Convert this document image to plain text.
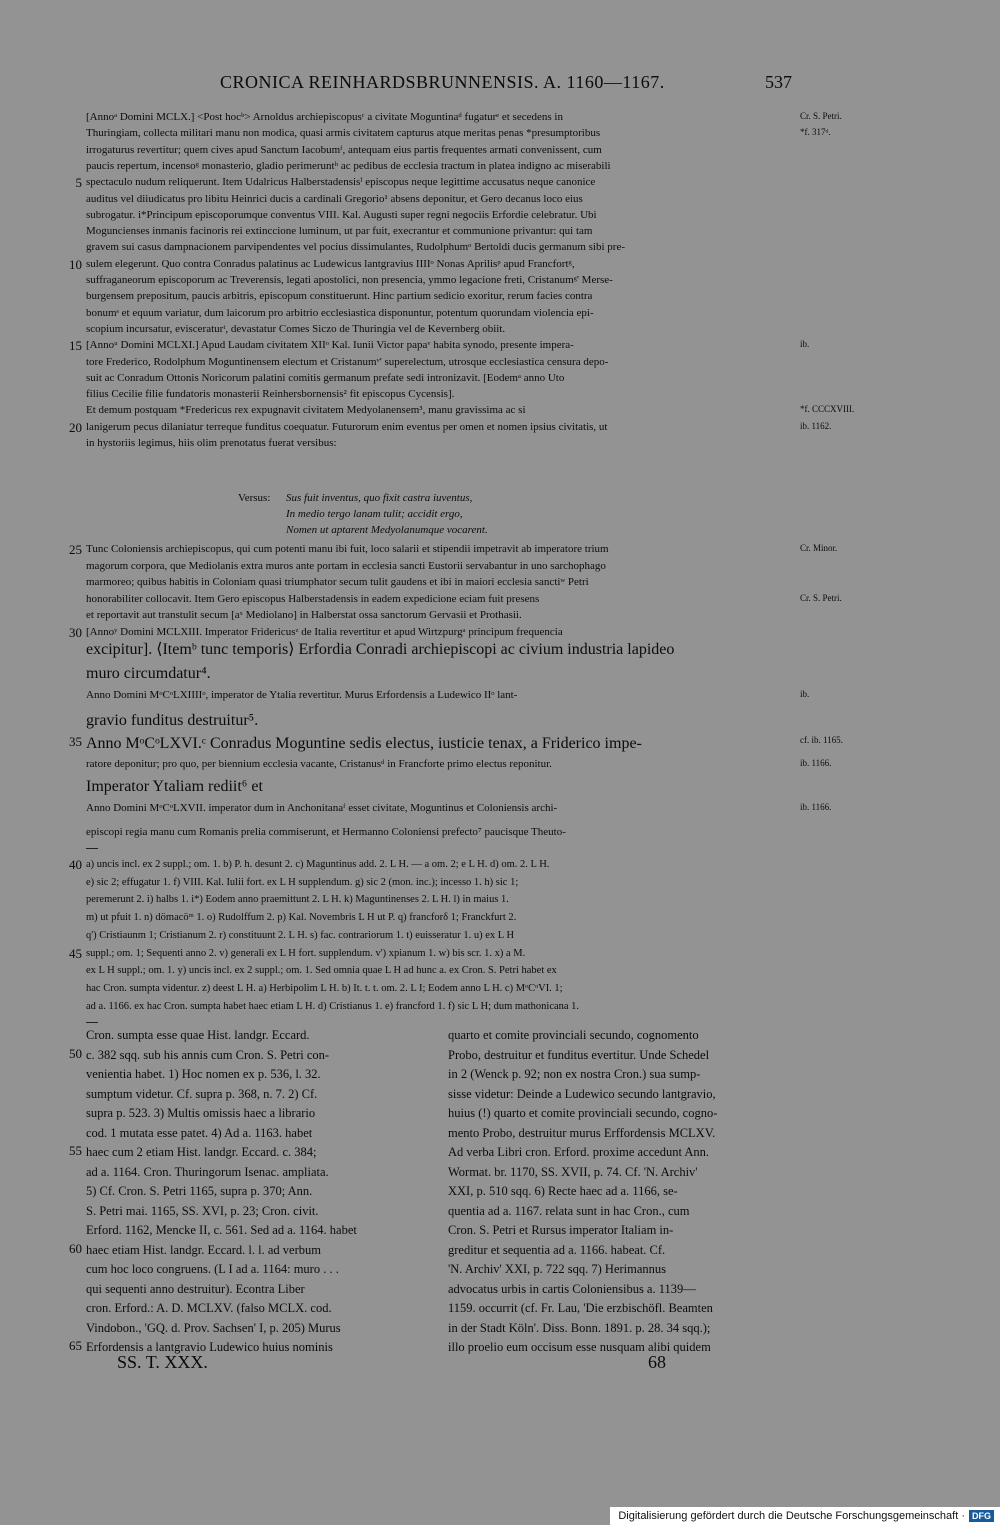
CRONICA REINHARDSBRUNNENSIS. A. 1160—1167.	537
[Annoᵃ Domini MCLX.] <Post hocᵇ> Arnoldus archiepiscopusᶜ a civitate Moguntinaᵈ fugaturᵉ et secedens in	Cr. S. Petri.
Thuringiam, collecta militari manu non modica, quasi armis civitatem capturus atque meritas penas *presumptoribus	*f. 317ᵈ.
irrogaturus revertitur; quem cives apud Sanctum Iacobumᶠ, antequam eius partis frequentes armati convenissent, cum
paucis repertum, incensoᵍ monasterio, gladio perimeruntʰ ac pedibus de ecclesia tractum in platea indigno ac miserabili
5 spectaculo nudum reliquerunt. Item Udalricus Halberstadensisⁱ episcopus neque legittime accusatus neque canonice
auditus vel diiudicatus pro libitu Heinrici ducis a cardinali Gregorio¹ absens deponitur, et Gero decanus loco eius
subrogatur. i*Principum episcoporumque conventus VIII. Kal. Augusti super regni negociis Erfordie celebratur. Ubi
Moguncienses inmanis facinoris rei extinccione luminum, ut par fuit, execrantur et communione privantur: qui tam
gravem sui casus dampnacionem parvipendentes vel pocius dissimulantes, Rudolphumᵒ Bertoldi ducis germanum sibi pre-
10 sulem elegerunt. Quo contra Conradus palatinus ac Ludewicus lantgravius IIIIᵒ Nonas Aprilisᵖ apud Francfortᵍ,
suffraganeorum episcoporum ac Treverensis, legati apostolici, non presencia, ymmo legacione freti, Cristanumᵍ' Merse-
burgensem prepositum, paucis arbitris, episcopum constituerunt. Hinc partium sedicio exoritur, rerum facies contra
bonumˢ et equum variatur, dum laicorum pro arbitrio ecclesiastica disponuntur, potentum quorundam violencia epi-
scopium incursatur, evisceraturᵗ, devastatur Comes Siczo de Thuringia vel de Kevernberg obiit.
15 [Annoᵘ Domini MCLXI.] Apud Laudam civitatem XIIᵒ Kal. Iunii Victor papaᵛ habita synodo, presente impera-	ib.
tore Frederico, Rodolphum Moguntinensem electum et Cristanumᵛ' superelectum, utrosque ecclesiastica censura depo-
suit ac Conradum Ottonis Noricorum palatini comitis germanum prefate sedi intronizavit. [Eodemᵃ anno Uto
filius Cecilie filie fundatoris monasterii Reinhersbornensis² fit episcopus Cycensis].
Et demum postquam *Fredericus rex expugnavit civitatem Medyolanensem³, manu gravissima ac si	*f. CCCXVIII.
20 lanigerum pecus dilaniatur terreque funditus coequatur. Futurorum enim eventus per omen et nomen ipsius civitatis, ut	ib. 1162.
in hystoriis legimus, hiis olim prenotatus fuerat versibus:
Versus: Sus fuit inventus, quo fixit castra iuventus,
In medio tergo lanam tulit; accidit ergo,
Nomen ut aptarent Medyolanumque vocarent.
25 Tunc Coloniensis archiepiscopus, qui cum potenti manu ibi fuit, loco salarii et stipendii impetravit ab imperatore trium	Cr. Minor.
magorum corpora, que Mediolanis extra muros ante portam in ecclesia sancti Eustorii servabantur in uno sarchophago
marmoreo; quibus habitis in Coloniam quasi triumphator secum tulit gaudens et ibi in maiori ecclesia sanctiʷ Petri
honorabiliter collocavit. Item Gero episcopus Halberstadensis in eadem expedicione eciam fuit presens	Cr. S. Petri.
et reportavit aut transtulit secum [aˣ Mediolano] in Halberstat ossa sanctorum Gervasii et Prothasii.
30 [Annoʸ Domini MCLXIII. Imperator Fridericusᶻ de Italia revertitur et apud Wirtzpurgᵃ principum frequencia
excipitur]. ⟨Itemᵇ tunc temporis⟩ Erfordia Conradi archiepiscopi ac civium industria lapideo
muro circumdatur⁴.
Anno Domini MᵒCᵒLXIIIIᵒ, imperator de Ytalia revertitur. Murus Erfordensis a Ludewico IIᵒ lant-	ib.
gravio funditus destruitur⁵.
35 Anno MᵒCᵒLXVI.ᶜ Conradus Moguntine sedis electus, iusticie tenax, a Friderico impe-	cf. ib. 1165.
ratore deponitur; pro quo, per biennium ecclesia vacante, Cristanusᵈ in Francforte primo electus reponitur.	ib. 1166.
Imperator Ytaliam rediit⁶ et
Anno Domini MᵒCᵒLXVII. imperator dum in Anchonitanaᶠ esset civitate, Moguntinus et Coloniensis archi-	ib. 1166.
episcopi regia manu cum Romanis prelia commiserunt, et Hermanno Coloniensi prefecto⁷ paucisque Theuto-
40 a) uncis incl. ex 2 suppl.; om. 1. b) P. h. desunt 2. c) Maguntinus add. 2. L H. — a om. 2; e L H. d) om. 2. L H.
e) sic 2; effugatur 1. f) VIII. Kal. Iulii fort. ex L H supplendum. g) sic 2 (mon. inc.); incesso 1. h) sic 1;
peremerunt 2. i) halbs 1. i*) Eodem anno praemittunt 2. L H. k) Maguntinenses 2. L H. l) in maius 1.
m) ut pfuit 1. n) dömacöᵐ 1. o) Rudolffum 2. p) Kal. Novembris L H ut P. q) francforδ 1; Franckfurt 2.
q') Cristiaunm 1; Cristianum 2. r) constituunt 2. L H. s) fac. contrariorum 1. t) euisseratur 1. u) ex L H
45 suppl.; om. 1; Sequenti anno 2. v) generali ex L H fort. supplendum. v') xpianum 1. w) bis scr. 1. x) a M.
ex L H suppl.; om. 1. y) uncis incl. ex 2 suppl.; om. 1. Sed omnia quae L H ad hunc a. ex Cron. S. Petri habet ex
hac Cron. sumpta videntur. z) deest L H. a) Herbipolim L H. b) It. t. t. om. 2. L I; Eodem anno L H. c) MᵒCᵒVI. 1;
ad a. 1166. ex hac Cron. sumpta habet haec etiam L H. d) Cristianus 1. e) francford 1. f) sic L H; dum mathonicana 1.
Cron. sumpta esse quae Hist. landgr. Eccard.
50 c. 382 sqq. sub his annis cum Cron. S. Petri con-
venientia habet. 1) Hoc nomen ex p. 536, l. 32.
sumptum videtur. Cf. supra p. 368, n. 7. 2) Cf.
supra p. 523. 3) Multis omissis haec a librario
cod. 1 mutata esse patet. 4) Ad a. 1163. habet
55 haec cum 2 etiam Hist. landgr. Eccard. c. 384;
ad a. 1164. Cron. Thuringorum Isenac. ampliata.
5) Cf. Cron. S. Petri 1165, supra p. 370; Ann.
S. Petri mai. 1165, SS. XVI, p. 23; Cron. civit.
Erford. 1162, Mencke II, c. 561. Sed ad a. 1164. habet
60 haec etiam Hist. landgr. Eccard. l. l. ad verbum
cum hoc loco congruens. (L I ad a. 1164: muro . . .
qui sequenti anno destruitur). Econtra Liber
cron. Erford.: A. D. MCLXV. (falso MCLX. cod.
Vindobon., 'GQ. d. Prov. Sachsen' I, p. 205) Murus
65 Erfordensis a lantgravio Ludewico huius nominis
quarto et comite provinciali secundo, cognomento
Probo, destruitur et funditus evertitur. Unde Schedel
in 2 (Wenck p. 92; non ex nostra Cron.) sua sump-
sisse videtur: Deinde a Ludewico secundo lantgravio,
huius (!) quarto et comite provinciali secundo, cogno-
mento Probo, destruitur murus Erffordensis MCLXV.
Ad verba Libri cron. Erford. proxime accedunt Ann.
Wormat. br. 1170, SS. XVII, p. 74. Cf. 'N. Archiv'
XXI, p. 510 sqq. 6) Recte haec ad a. 1166, se-
quentia ad a. 1167. relata sunt in hac Cron., cum
Cron. S. Petri et Rursus imperator Italiam in-
greditur et sequentia ad a. 1166. habeat. Cf.
'N. Archiv' XXI, p. 722 sqq. 7) Herimannus
advocatus urbis in cartis Coloniensibus a. 1139—
1159. occurrit (cf. Fr. Lau, 'Die erzbischöfl. Beamten
in der Stadt Köln'. Diss. Bonn. 1891. p. 28. 34 sqq.);
illo proelio eum occisum esse nusquam alibi quidem
SS. T. XXX.	68
Digitalisierung gefördert durch die Deutsche Forschungsgemeinschaft · DFG
